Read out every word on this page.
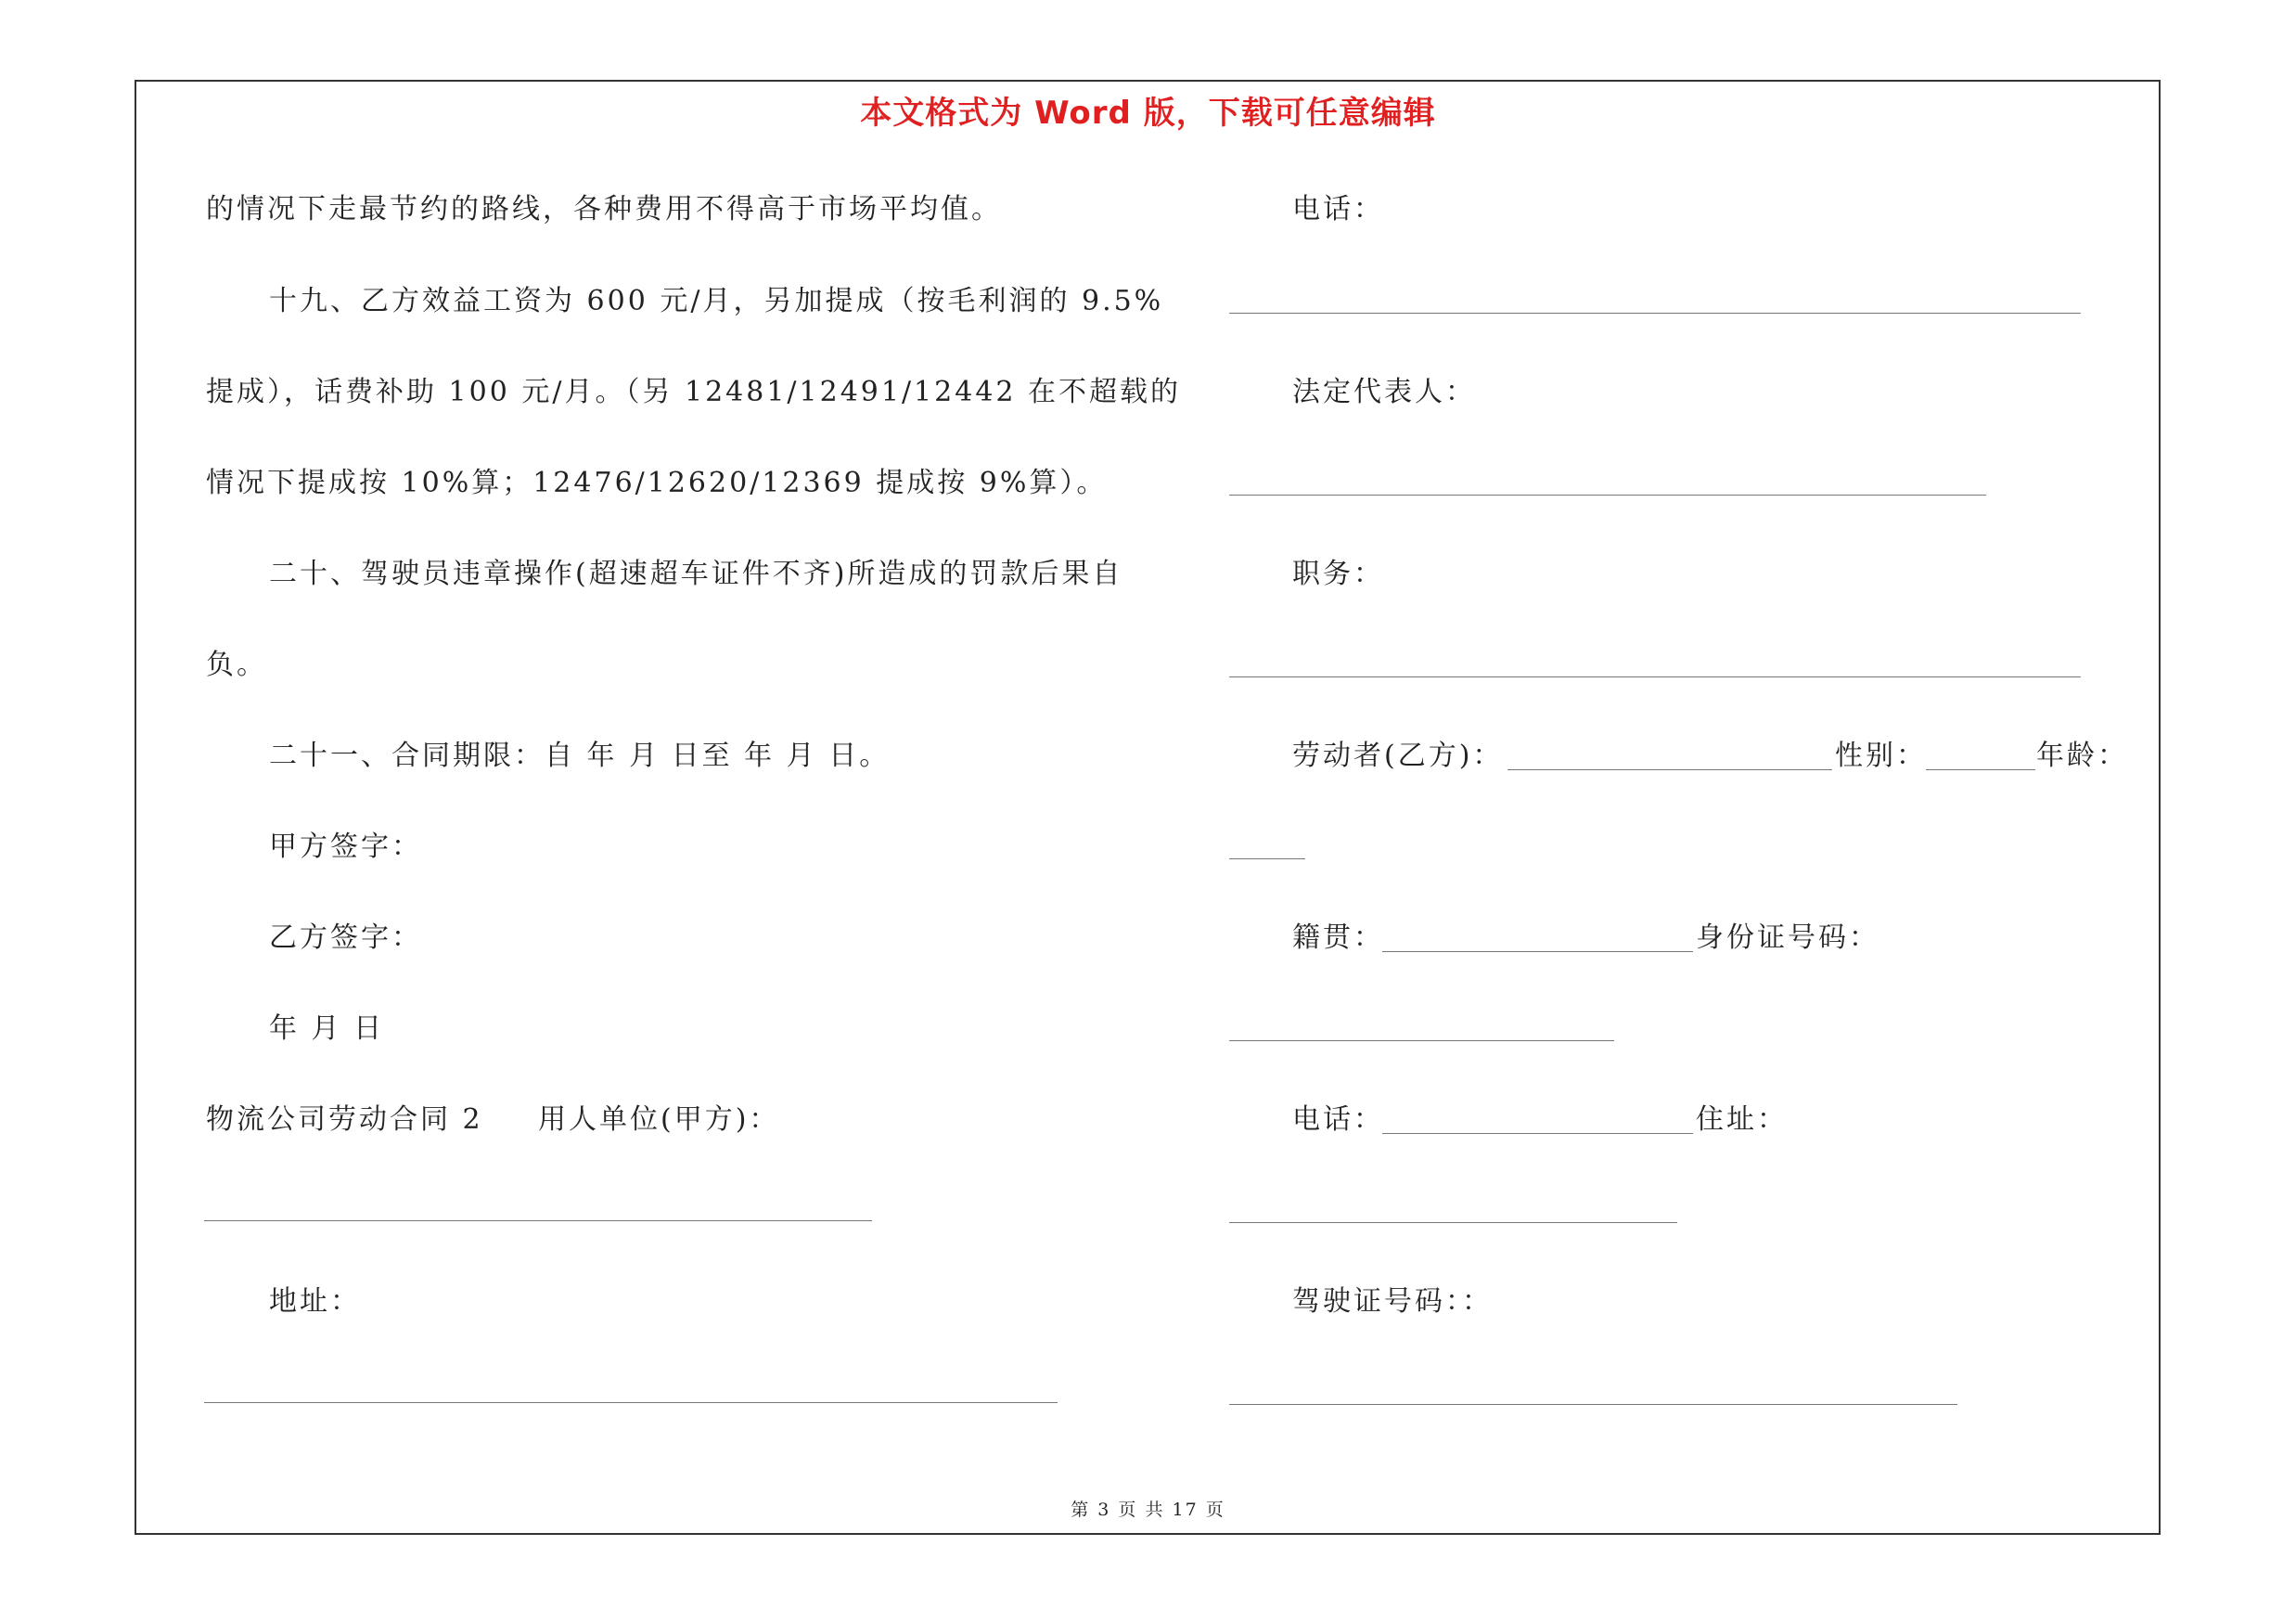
本文格式为 Word 版，下载可任意编辑
的情况下走最节约的路线，各种费用不得高于市场平均值。
十九、乙方效益工资为 600 元/月，另加提成（按毛利润的 9.5%
提成），话费补助 100 元/月。（另 12481/12491/12442 在不超载的
情况下提成按 10%算；12476/12620/12369 提成按 9%算）。
二十、驾驶员违章操作(超速超车证件不齐)所造成的罚款后果自
负。
二十一、合同期限：自 年 月 日至 年 月 日。
甲方签字：
乙方签字：
年 月 日
物流公司劳动合同 2 用人单位(甲方)：
地址：
电话：
法定代表人：
职务：
劳动者(乙方)：	性别：	年龄：
籍贯：	身份证号码：
电话：	住址：
驾驶证号码：：
第 3 页 共 17 页
